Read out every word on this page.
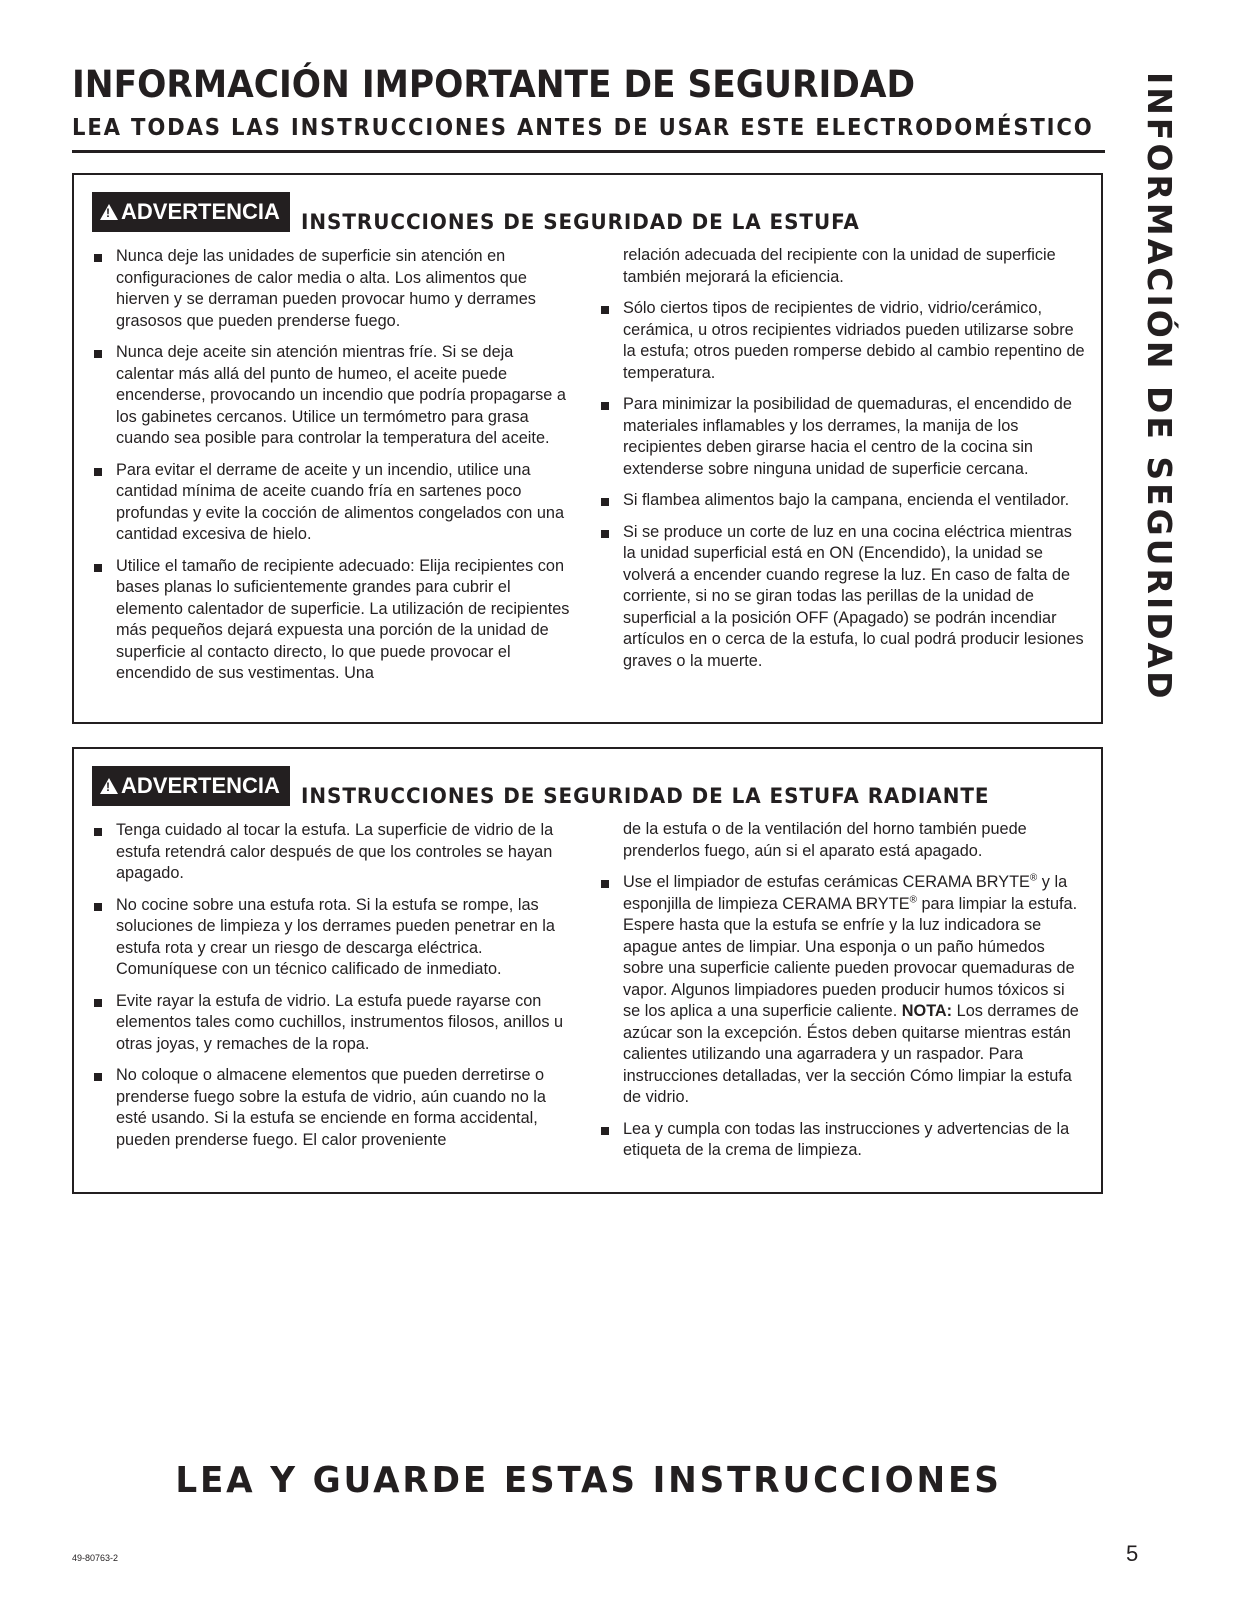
INFORMACIÓN IMPORTANTE DE SEGURIDAD
LEA TODAS LAS INSTRUCCIONES ANTES DE USAR ESTE ELECTRODOMÉSTICO INFORMACIÓN DE SEGURIDAD
!
ADVERTENCIA INSTRUCCIONES DE SEGURIDAD DE LA ESTUFA
Nunca deje las unidades de superficie sin atención en configuraciones de calor media o alta. Los alimentos que hierven y se derraman pueden provocar humo y derrames grasosos que pueden prenderse fuego.
Nunca deje aceite sin atención mientras fríe. Si se deja calentar más allá del punto de humeo, el aceite puede encenderse, provocando un incendio que podría propagarse a los gabinetes cercanos. Utilice un termómetro para grasa cuando sea posible para controlar la temperatura del aceite.
Para evitar el derrame de aceite y un incendio, utilice una cantidad mínima de aceite cuando fría en sartenes poco profundas y evite la cocción de alimentos congelados con una cantidad excesiva de hielo.
Utilice el tamaño de recipiente adecuado: Elija recipientes con bases planas lo suficientemente grandes para cubrir el elemento calentador de superficie. La utilización de recipientes más pequeños dejará expuesta una porción de la unidad de superficie al contacto directo, lo que puede provocar el encendido de sus vestimentas. Una
relación adecuada del recipiente con la unidad de superficie también mejorará la eficiencia.
Sólo ciertos tipos de recipientes de vidrio, vidrio/cerámico, cerámica, u otros recipientes vidriados pueden utilizarse sobre la estufa; otros pueden romperse debido al cambio repentino de temperatura.
Para minimizar la posibilidad de quemaduras, el encendido de materiales inflamables y los derrames, la manija de los recipientes deben girarse hacia el centro de la cocina sin extenderse sobre ninguna unidad de superficie cercana.
Si flambea alimentos bajo la campana, encienda el ventilador.
Si se produce un corte de luz en una cocina eléctrica mientras la unidad superficial está en ON (Encendido), la unidad se volverá a encender cuando regrese la luz. En caso de falta de corriente, si no se giran todas las perillas de la unidad de superficial a la posición OFF (Apagado) se podrán incendiar artículos en o cerca de la estufa, lo cual podrá producir lesiones graves o la muerte.
!
ADVERTENCIA INSTRUCCIONES DE SEGURIDAD DE LA ESTUFA RADIANTE
Tenga cuidado al tocar la estufa. La superficie de vidrio de la estufa retendrá calor después de que los controles se hayan apagado.
No cocine sobre una estufa rota. Si la estufa se rompe, las soluciones de limpieza y los derrames pueden penetrar en la estufa rota y crear un riesgo de descarga eléctrica. Comuníquese con un técnico calificado de inmediato.
Evite rayar la estufa de vidrio. La estufa puede rayarse con elementos tales como cuchillos, instrumentos filosos, anillos u otras joyas, y remaches de la ropa.
No coloque o almacene elementos que pueden derretirse o prenderse fuego sobre la estufa de vidrio, aún cuando no la esté usando. Si la estufa se enciende en forma accidental, pueden prenderse fuego. El calor proveniente
de la estufa o de la ventilación del horno también puede prenderlos fuego, aún si el aparato está apagado.
Use el limpiador de estufas cerámicas CERAMA BRYTE® y la esponjilla de limpieza CERAMA BRYTE® para limpiar la estufa. Espere hasta que la estufa se enfríe y la luz indicadora se apague antes de limpiar. Una esponja o un paño húmedos sobre una superficie caliente pueden provocar quemaduras de vapor. Algunos limpiadores pueden producir humos tóxicos si se los aplica a una superficie caliente. NOTA: Los derrames de azúcar son la excepción. Éstos deben quitarse mientras están calientes utilizando una agarradera y un raspador. Para instrucciones detalladas, ver la sección Cómo limpiar la estufa de vidrio.
Lea y cumpla con todas las instrucciones y advertencias de la etiqueta de la crema de limpieza.
LEA Y GUARDE ESTAS INSTRUCCIONES
49-80763-2	5
